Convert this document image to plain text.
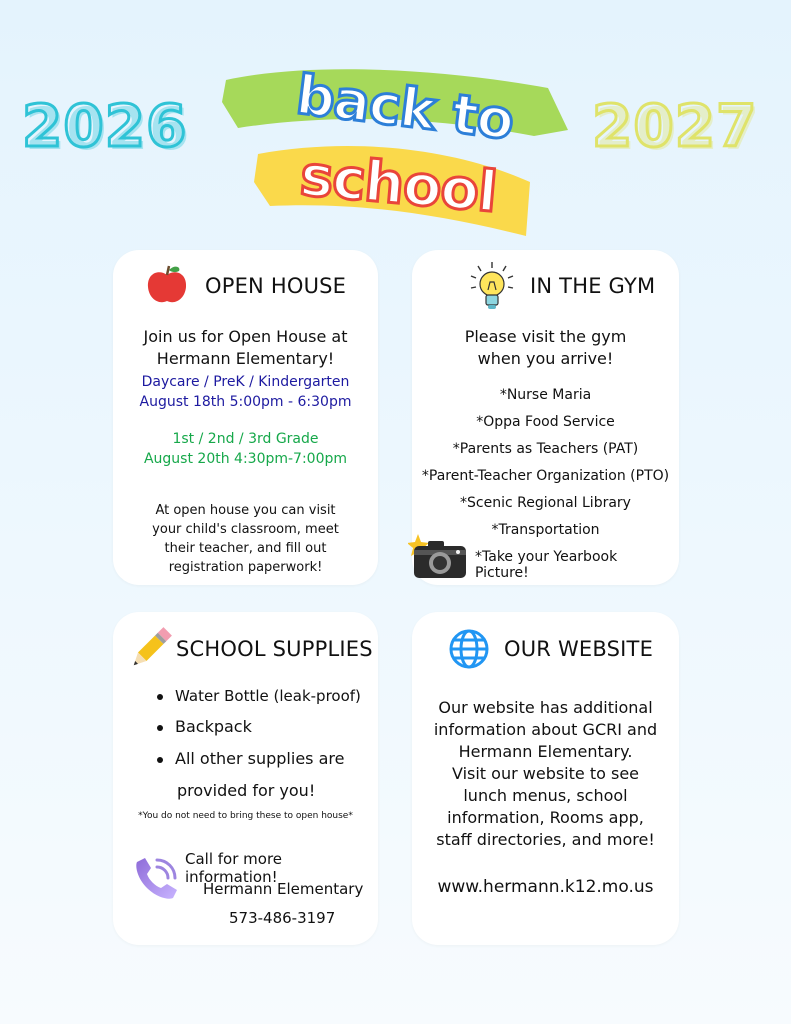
2026	2027
back to
school
OPEN HOUSE
Join us for Open House at
Hermann Elementary!
Daycare / PreK / Kindergarten
August 18th 5:00pm - 6:30pm
1st / 2nd / 3rd Grade
August 20th 4:30pm-7:00pm
At open house you can visit
your child's classroom, meet
their teacher, and fill out
registration paperwork!
IN THE GYM
Please visit the gym
when you arrive!
*Nurse Maria
*Oppa Food Service
*Parents as Teachers (PAT)
*Parent-Teacher Organization (PTO)
*Scenic Regional Library
*Transportation
*Take your Yearbook Picture!
SCHOOL SUPPLIES
Water Bottle (leak-proof)
Backpack
All other supplies are
provided for you!
*You do not need to bring these to open house*
Call for more information!
Hermann Elementary
573-486-3197
OUR WEBSITE
Our website has additional
information about GCRI and
Hermann Elementary.
Visit our website to see
lunch menus, school
information, Rooms app,
staff directories, and more!
www.hermann.k12.mo.us
